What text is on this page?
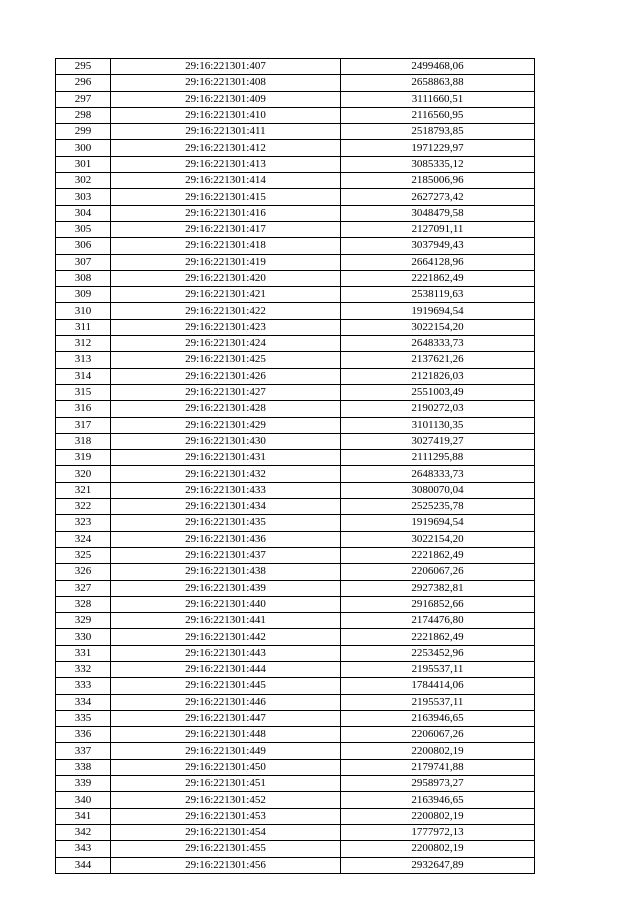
295	29:16:221301:407	2499468,06
296	29:16:221301:408	2658863,88
297	29:16:221301:409	3111660,51
298	29:16:221301:410	2116560,95
299	29:16:221301:411	2518793,85
300	29:16:221301:412	1971229,97
301	29:16:221301:413	3085335,12
302	29:16:221301:414	2185006,96
303	29:16:221301:415	2627273,42
304	29:16:221301:416	3048479,58
305	29:16:221301:417	2127091,11
306	29:16:221301:418	3037949,43
307	29:16:221301:419	2664128,96
308	29:16:221301:420	2221862,49
309	29:16:221301:421	2538119,63
310	29:16:221301:422	1919694,54
311	29:16:221301:423	3022154,20
312	29:16:221301:424	2648333,73
313	29:16:221301:425	2137621,26
314	29:16:221301:426	2121826,03
315	29:16:221301:427	2551003,49
316	29:16:221301:428	2190272,03
317	29:16:221301:429	3101130,35
318	29:16:221301:430	3027419,27
319	29:16:221301:431	2111295,88
320	29:16:221301:432	2648333,73
321	29:16:221301:433	3080070,04
322	29:16:221301:434	2525235,78
323	29:16:221301:435	1919694,54
324	29:16:221301:436	3022154,20
325	29:16:221301:437	2221862,49
326	29:16:221301:438	2206067,26
327	29:16:221301:439	2927382,81
328	29:16:221301:440	2916852,66
329	29:16:221301:441	2174476,80
330	29:16:221301:442	2221862,49
331	29:16:221301:443	2253452,96
332	29:16:221301:444	2195537,11
333	29:16:221301:445	1784414,06
334	29:16:221301:446	2195537,11
335	29:16:221301:447	2163946,65
336	29:16:221301:448	2206067,26
337	29:16:221301:449	2200802,19
338	29:16:221301:450	2179741,88
339	29:16:221301:451	2958973,27
340	29:16:221301:452	2163946,65
341	29:16:221301:453	2200802,19
342	29:16:221301:454	1777972,13
343	29:16:221301:455	2200802,19
344	29:16:221301:456	2932647,89
